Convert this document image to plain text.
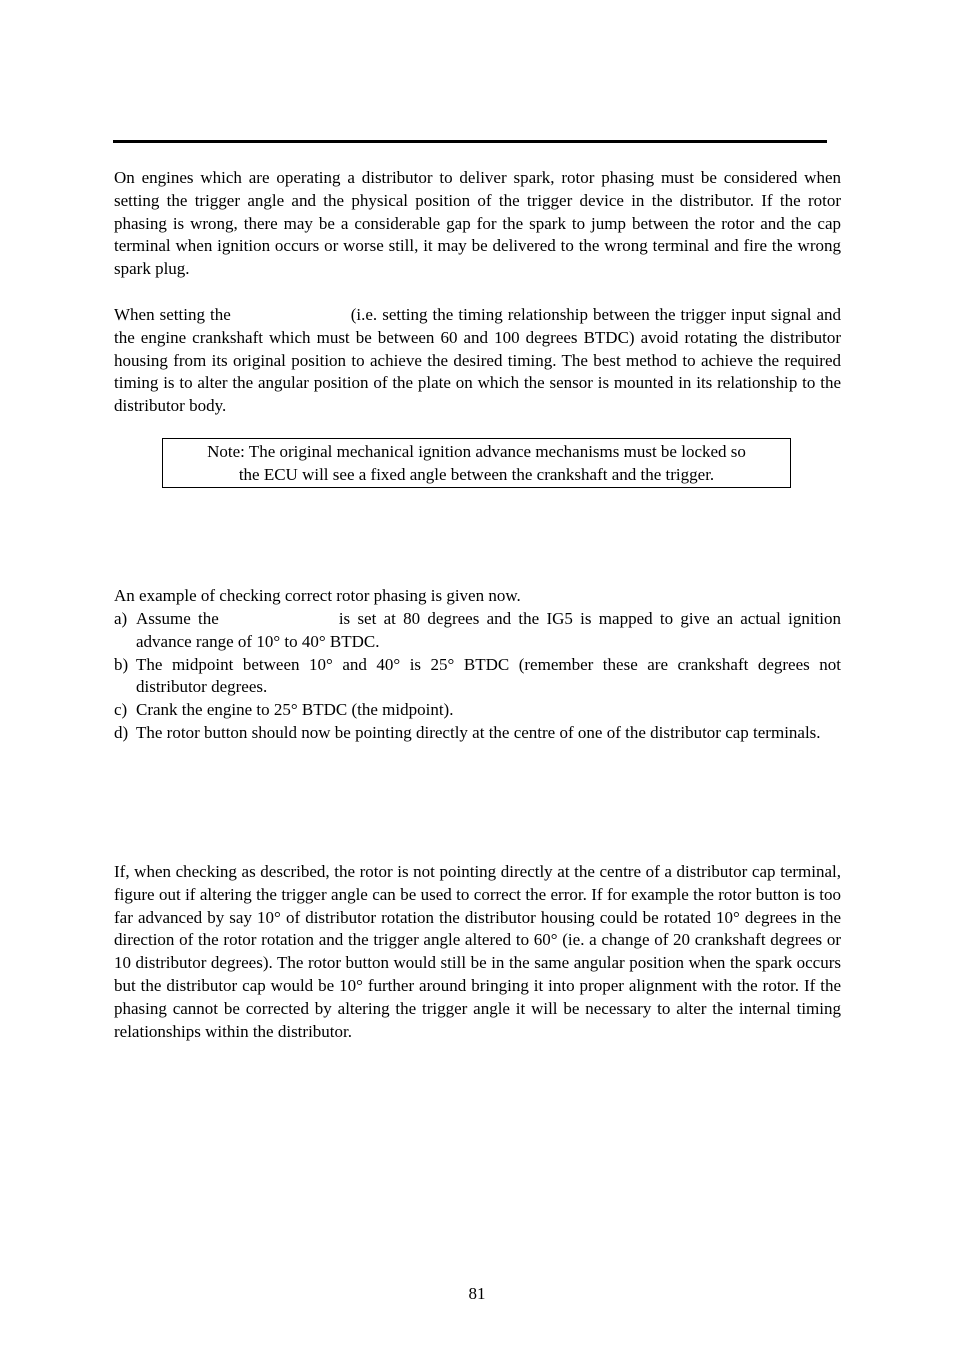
On engines which are operating a distributor to deliver spark, rotor phasing must be considered when setting the trigger angle and the physical position of the trigger device in the distributor. If the rotor phasing is wrong, there may be a considerable gap for the spark to jump between the rotor and the cap terminal when ignition occurs or worse still, it may be delivered to the wrong terminal and fire the wrong spark plug.

When setting the	(i.e. setting the timing relationship between the trigger input signal and the engine crankshaft which must be between 60 and 100 degrees BTDC) avoid rotating the distributor housing from its original position to achieve the desired timing. The best method to achieve the required timing is to alter the angular position of the plate on which the sensor is mounted in its relationship to the distributor body.

Note: The original mechanical ignition advance mechanisms must be locked so
the ECU will see a fixed angle between the crankshaft and the trigger.

An example of checking correct rotor phasing is given now.

a) Assume the	is set at 80 degrees and the IG5 is mapped to give an actual ignition advance range of 10° to 40° BTDC.
b) The midpoint between 10° and 40° is 25° BTDC (remember these are crankshaft degrees not distributor degrees.
c) Crank the engine to 25° BTDC (the midpoint).
d) The rotor button should now be pointing directly at the centre of one of the distributor cap terminals.

If, when checking as described, the rotor is not pointing directly at the centre of a distributor cap terminal, figure out if altering the trigger angle can be used to correct the error. If for example the rotor button is too far advanced by say 10° of distributor rotation the distributor housing could be rotated 10° degrees in the direction of the rotor rotation and the trigger angle altered to 60° (ie. a change of 20 crankshaft degrees or 10 distributor degrees). The rotor button would still be in the same angular position when the spark occurs but the distributor cap would be 10° further around bringing it into proper alignment with the rotor. If the phasing cannot be corrected by altering the trigger angle it will be necessary to alter the internal timing relationships within the distributor.

81
